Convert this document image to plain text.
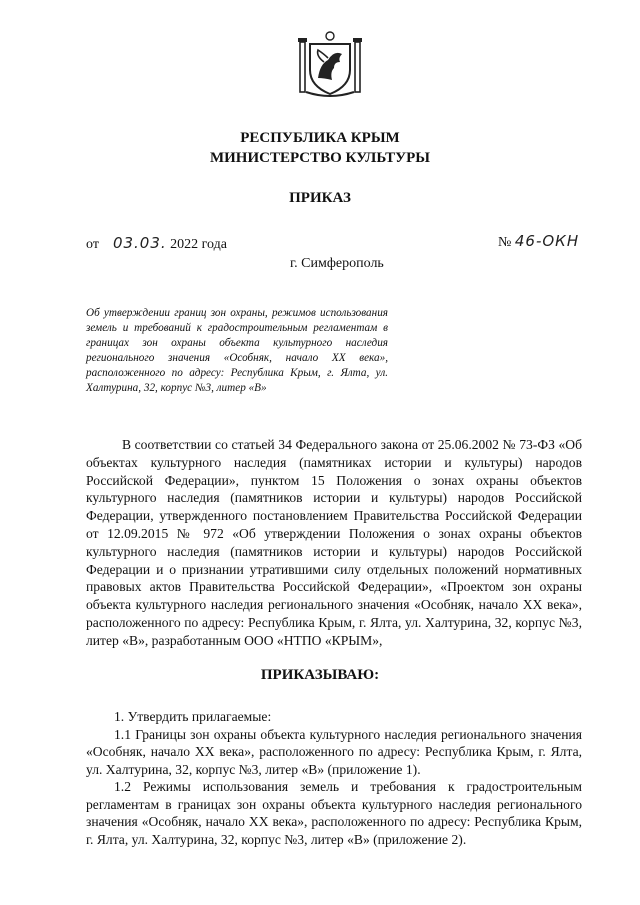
РЕСПУБЛИКА КРЫМ
МИНИСТЕРСТВО КУЛЬТУРЫ
ПРИКАЗ
от 03.03. 2022 года	№ 46-ОКН
г. Симферополь
Об утверждении границ зон охраны, режимов использования земель и требований к градостроительным регламентам в границах зон охраны объекта культурного наследия регионального значения «Особняк, начало XX века», расположенного по адресу: Республика Крым, г. Ялта, ул. Халтурина, 32, корпус №3, литер «В»

В соответствии со статьей 34 Федерального закона от 25.06.2002 № 73-ФЗ «Об объектах культурного наследия (памятниках истории и культуры) народов Российской Федерации», пунктом 15 Положения о зонах охраны объектов культурного наследия (памятников истории и культуры) народов Российской Федерации, утвержденного постановлением Правительства Российской Федерации от 12.09.2015 № 972 «Об утверждении Положения о зонах охраны объектов культурного наследия (памятников истории и культуры) народов Российской Федерации и о признании утратившими силу отдельных положений нормативных правовых актов Правительства Российской Федерации», «Проектом зон охраны объекта культурного наследия регионального значения «Особняк, начало XX века», расположенного по адресу: Республика Крым, г. Ялта, ул. Халтурина, 32, корпус №3, литер «В», разработанным ООО «НТПО «КРЫМ»,

ПРИКАЗЫВАЮ:

1. Утвердить прилагаемые:

1.1 Границы зон охраны объекта культурного наследия регионального значения «Особняк, начало XX века», расположенного по адресу: Республика Крым, г. Ялта, ул. Халтурина, 32, корпус №3, литер «В» (приложение 1).

1.2 Режимы использования земель и требования к градостроительным регламентам в границах зон охраны объекта культурного наследия регионального значения «Особняк, начало XX века», расположенного по адресу: Республика Крым, г. Ялта, ул. Халтурина, 32, корпус №3, литер «В» (приложение 2).
